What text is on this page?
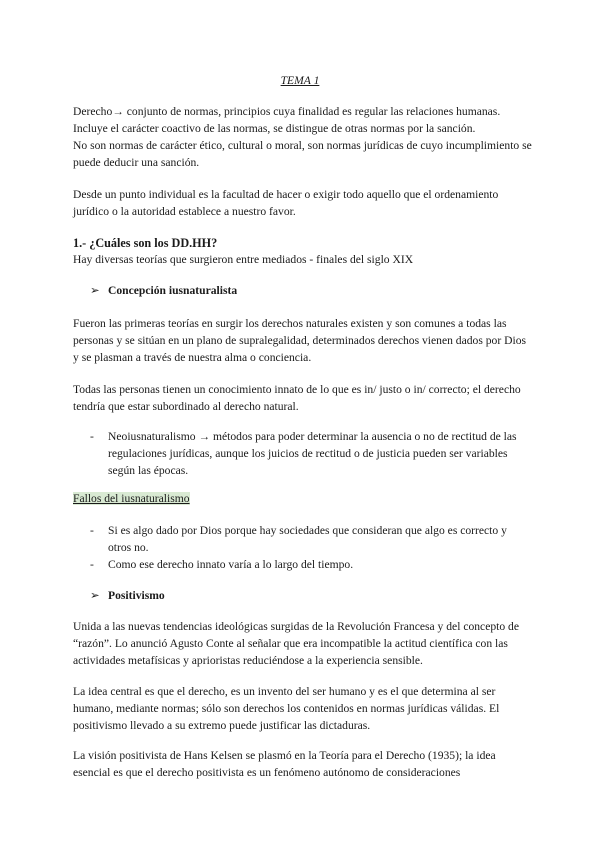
TEMA 1

Derecho→ conjunto de normas, principios cuya finalidad es regular las relaciones humanas. Incluye el carácter coactivo de las normas, se distingue de otras normas por la sanción.

No son normas de carácter ético, cultural o moral, son normas jurídicas de cuyo incumplimiento se puede deducir una sanción.

Desde un punto individual es la facultad de hacer o exigir todo aquello que el ordenamiento jurídico o la autoridad establece a nuestro favor.

1.- ¿Cuáles son los DD.HH?

Hay diversas teorías que surgieron entre mediados - finales del siglo XIX

➢ Concepción iusnaturalista

Fueron las primeras teorías en surgir los derechos naturales existen y son comunes a todas las personas y se sitúan en un plano de supralegalidad, determinados derechos vienen dados por Dios y se plasman a través de nuestra alma o conciencia.

Todas las personas tienen un conocimiento innato de lo que es in/ justo o in/ correcto; el derecho tendría que estar subordinado al derecho natural.

- Neoiusnaturalismo → métodos para poder determinar la ausencia o no de rectitud de las regulaciones jurídicas, aunque los juicios de rectitud o de justicia pueden ser variables según las épocas.
Fallos del iusnaturalismo
- Si es algo dado por Dios porque hay sociedades que consideran que algo es correcto y otros no.
- Como ese derecho innato varía a lo largo del tiempo.
➢ Positivismo

Unida a las nuevas tendencias ideológicas surgidas de la Revolución Francesa y del concepto de “razón”. Lo anunció Agusto Conte al señalar que era incompatible la actitud científica con las actividades metafísicas y aprioristas reduciéndose a la experiencia sensible.

La idea central es que el derecho, es un invento del ser humano y es el que determina al ser humano, mediante normas; sólo son derechos los contenidos en normas jurídicas válidas. El positivismo llevado a su extremo puede justificar las dictaduras.

La visión positivista de Hans Kelsen se plasmó en la Teoría para el Derecho (1935); la idea esencial es que el derecho positivista es un fenómeno autónomo de consideraciones
